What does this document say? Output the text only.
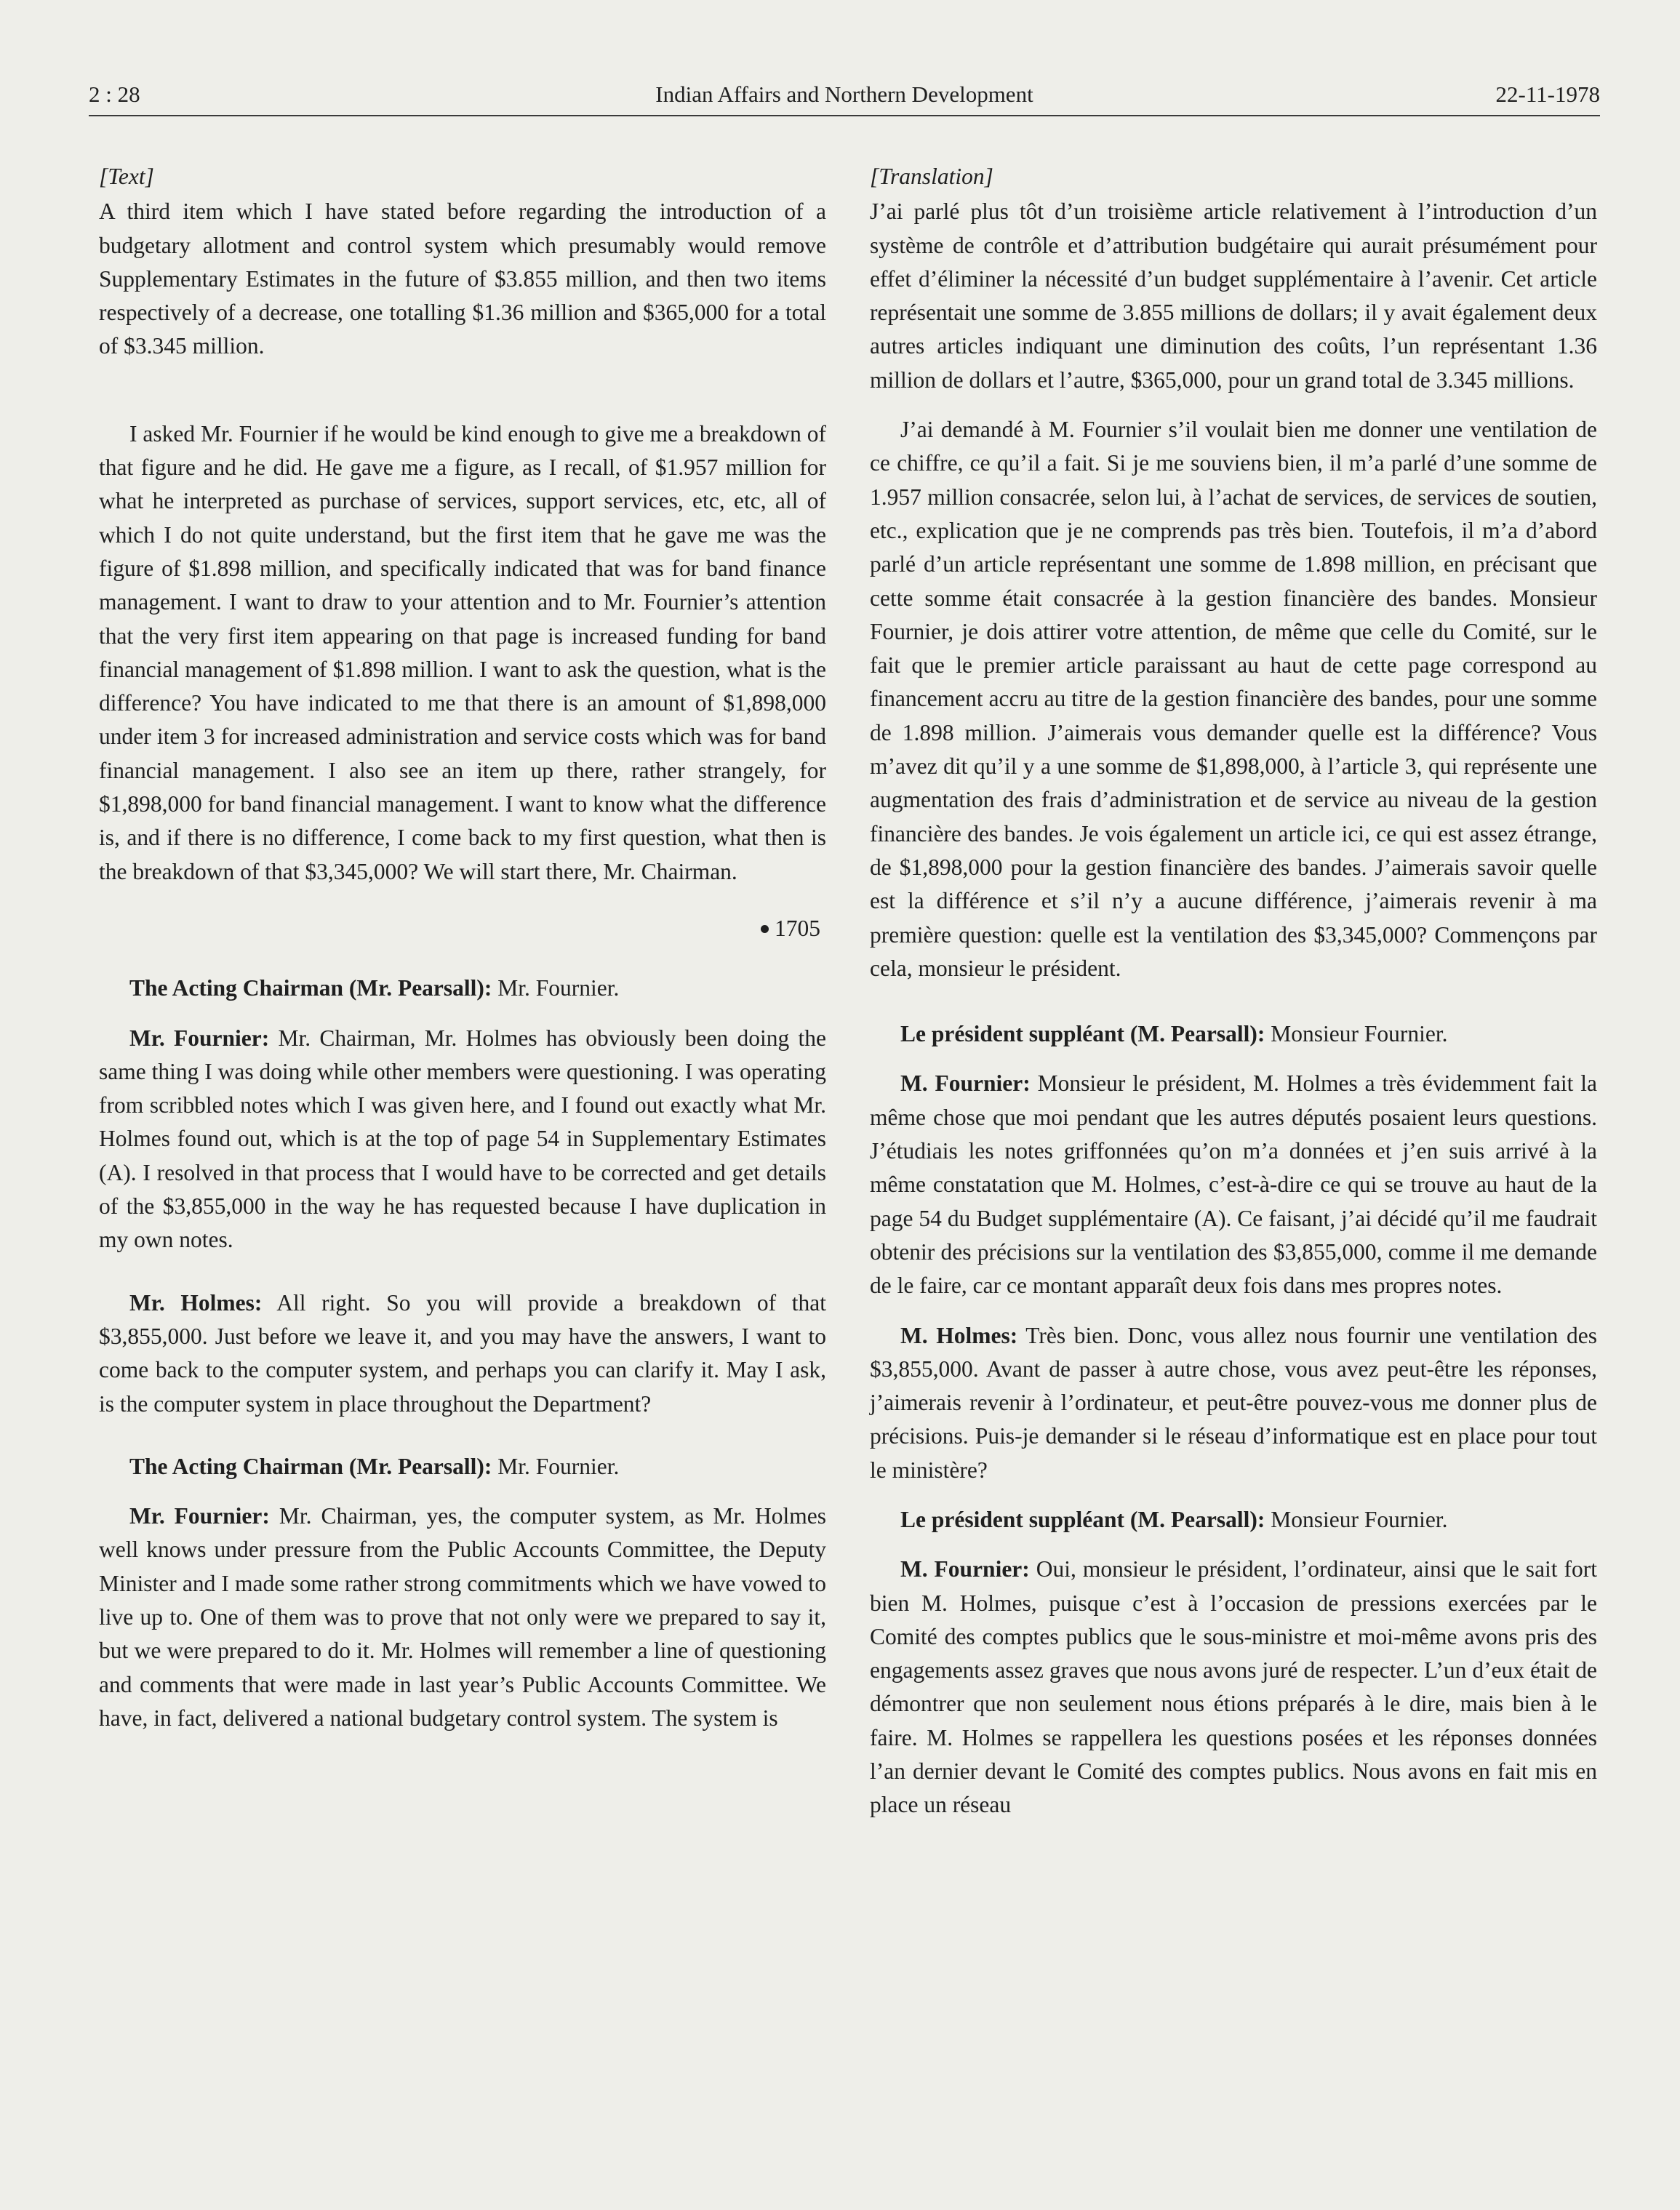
2 : 28	Indian Affairs and Northern Development	22-11-1978

[Text]

A third item which I have stated before regarding the introduction of a budgetary allotment and control system which presumably would remove Supplementary Estimates in the future of $3.855 million, and then two items respectively of a decrease, one totalling $1.36 million and $365,000 for a total of $3.345 million.

I asked Mr. Fournier if he would be kind enough to give me a breakdown of that figure and he did. He gave me a figure, as I recall, of $1.957 million for what he interpreted as purchase of services, support services, etc, etc, all of which I do not quite understand, but the first item that he gave me was the figure of $1.898 million, and specifically indicated that was for band finance management. I want to draw to your attention and to Mr. Fournier’s attention that the very first item appearing on that page is increased funding for band financial management of $1.898 million. I want to ask the question, what is the difference? You have indicated to me that there is an amount of $1,898,000 under item 3 for increased administration and service costs which was for band financial management. I also see an item up there, rather strangely, for $1,898,000 for band financial management. I want to know what the difference is, and if there is no difference, I come back to my first question, what then is the breakdown of that $3,345,000? We will start there, Mr. Chairman.

1705

The Acting Chairman (Mr. Pearsall): Mr. Fournier.

Mr. Fournier: Mr. Chairman, Mr. Holmes has obviously been doing the same thing I was doing while other members were questioning. I was operating from scribbled notes which I was given here, and I found out exactly what Mr. Holmes found out, which is at the top of page 54 in Supplementary Estimates (A). I resolved in that process that I would have to be corrected and get details of the $3,855,000 in the way he has requested because I have duplication in my own notes.

Mr. Holmes: All right. So you will provide a breakdown of that $3,855,000. Just before we leave it, and you may have the answers, I want to come back to the computer system, and perhaps you can clarify it. May I ask, is the computer system in place throughout the Department?

The Acting Chairman (Mr. Pearsall): Mr. Fournier.

Mr. Fournier: Mr. Chairman, yes, the computer system, as Mr. Holmes well knows under pressure from the Public Accounts Committee, the Deputy Minister and I made some rather strong commitments which we have vowed to live up to. One of them was to prove that not only were we prepared to say it, but we were prepared to do it. Mr. Holmes will remember a line of questioning and comments that were made in last year’s Public Accounts Committee. We have, in fact, delivered a national budgetary control system. The system is

[Translation]

J’ai parlé plus tôt d’un troisième article relativement à l’introduction d’un système de contrôle et d’attribution budgétaire qui aurait présumément pour effet d’éliminer la nécessité d’un budget supplémentaire à l’avenir. Cet article représentait une somme de 3.855 millions de dollars; il y avait également deux autres articles indiquant une diminution des coûts, l’un représentant 1.36 million de dollars et l’autre, $365,000, pour un grand total de 3.345 millions.

J’ai demandé à M. Fournier s’il voulait bien me donner une ventilation de ce chiffre, ce qu’il a fait. Si je me souviens bien, il m’a parlé d’une somme de 1.957 million consacrée, selon lui, à l’achat de services, de services de soutien, etc., explication que je ne comprends pas très bien. Toutefois, il m’a d’abord parlé d’un article représentant une somme de 1.898 million, en précisant que cette somme était consacrée à la gestion financière des bandes. Monsieur Fournier, je dois attirer votre attention, de même que celle du Comité, sur le fait que le premier article paraissant au haut de cette page correspond au financement accru au titre de la gestion financière des bandes, pour une somme de 1.898 million. J’aimerais vous demander quelle est la différence? Vous m’avez dit qu’il y a une somme de $1,898,000, à l’article 3, qui représente une augmentation des frais d’administration et de service au niveau de la gestion financière des bandes. Je vois également un article ici, ce qui est assez étrange, de $1,898,000 pour la gestion financière des bandes. J’aimerais savoir quelle est la différence et s’il n’y a aucune différence, j’aimerais revenir à ma première question: quelle est la ventilation des $3,345,000? Commençons par cela, monsieur le président.

Le président suppléant (M. Pearsall): Monsieur Fournier.

M. Fournier: Monsieur le président, M. Holmes a très évidemment fait la même chose que moi pendant que les autres députés posaient leurs questions. J’étudiais les notes griffonnées qu’on m’a données et j’en suis arrivé à la même constatation que M. Holmes, c’est-à-dire ce qui se trouve au haut de la page 54 du Budget supplémentaire (A). Ce faisant, j’ai décidé qu’il me faudrait obtenir des précisions sur la ventilation des $3,855,000, comme il me demande de le faire, car ce montant apparaît deux fois dans mes propres notes.

M. Holmes: Très bien. Donc, vous allez nous fournir une ventilation des $3,855,000. Avant de passer à autre chose, vous avez peut-être les réponses, j’aimerais revenir à l’ordinateur, et peut-être pouvez-vous me donner plus de précisions. Puis-je demander si le réseau d’informatique est en place pour tout le ministère?

Le président suppléant (M. Pearsall): Monsieur Fournier.

M. Fournier: Oui, monsieur le président, l’ordinateur, ainsi que le sait fort bien M. Holmes, puisque c’est à l’occasion de pressions exercées par le Comité des comptes publics que le sous-ministre et moi-même avons pris des engagements assez graves que nous avons juré de respecter. L’un d’eux était de démontrer que non seulement nous étions préparés à le dire, mais bien à le faire. M. Holmes se rappellera les questions posées et les réponses données l’an dernier devant le Comité des comptes publics. Nous avons en fait mis en place un réseau
